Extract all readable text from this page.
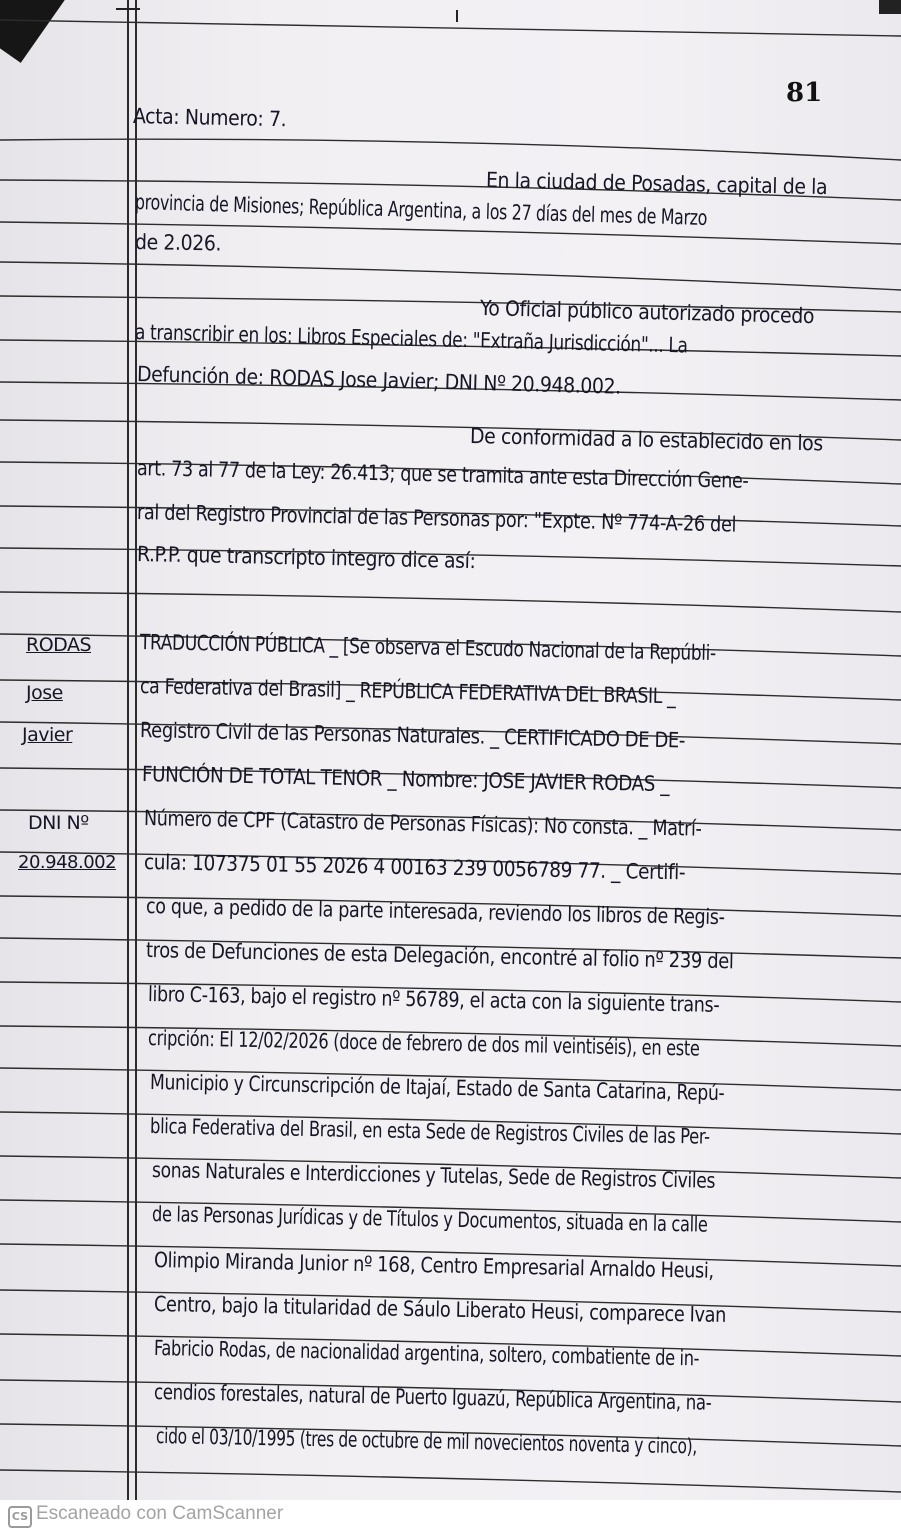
81
Acta: Numero: 7.
En la ciudad de Posadas, capital de la
provincia de Misiones; República Argentina, a los 27 días del mes de Marzo
de 2.026.
Yo Oficial público autorizado procedo
a transcribir en los: Libros Especiales de: "Extraña Jurisdicción"... La
Defunción de: RODAS Jose Javier; DNI Nº 20.948.002.
De conformidad a lo establecido en los
art. 73 al 77 de la Ley: 26.413; que se tramita ante esta Dirección Gene-
ral del Registro Provincial de las Personas por: "Expte. Nº 774-A-26 del
R.P.P. que transcripto integro dice así:
TRADUCCIÓN PÚBLICA _ [Se observa el Escudo Nacional de la Repúbli-
ca Federativa del Brasil] _ REPÚBLICA FEDERATIVA DEL BRASIL _
Registro Civil de las Personas Naturales. _ CERTIFICADO DE DE-
FUNCIÓN DE TOTAL TENOR _ Nombre: JOSE JAVIER RODAS _
Número de CPF (Catastro de Personas Físicas): No consta. _ Matrí-
cula: 107375 01 55 2026 4 00163 239 0056789 77. _ Certifi-
co que, a pedido de la parte interesada, reviendo los libros de Regis-
tros de Defunciones de esta Delegación, encontré al folio nº 239 del
libro C-163, bajo el registro nº 56789, el acta con la siguiente trans-
cripción: El 12/02/2026 (doce de febrero de dos mil veintiséis), en este
Municipio y Circunscripción de Itajaí, Estado de Santa Catarina, Repú-
blica Federativa del Brasil, en esta Sede de Registros Civiles de las Per-
sonas Naturales e Interdicciones y Tutelas, Sede de Registros Civiles
de las Personas Jurídicas y de Títulos y Documentos, situada en la calle
Olimpio Miranda Junior nº 168, Centro Empresarial Arnaldo Heusi,
Centro, bajo la titularidad de Sáulo Liberato Heusi, comparece Ivan
Fabricio Rodas, de nacionalidad argentina, soltero, combatiente de in-
cendios forestales, natural de Puerto Iguazú, República Argentina, na-
cido el 03/10/1995 (tres de octubre de mil novecientos noventa y cinco),
RODAS
Jose
Javier
DNI Nº
20.948.002
CS Escaneado con CamScanner
